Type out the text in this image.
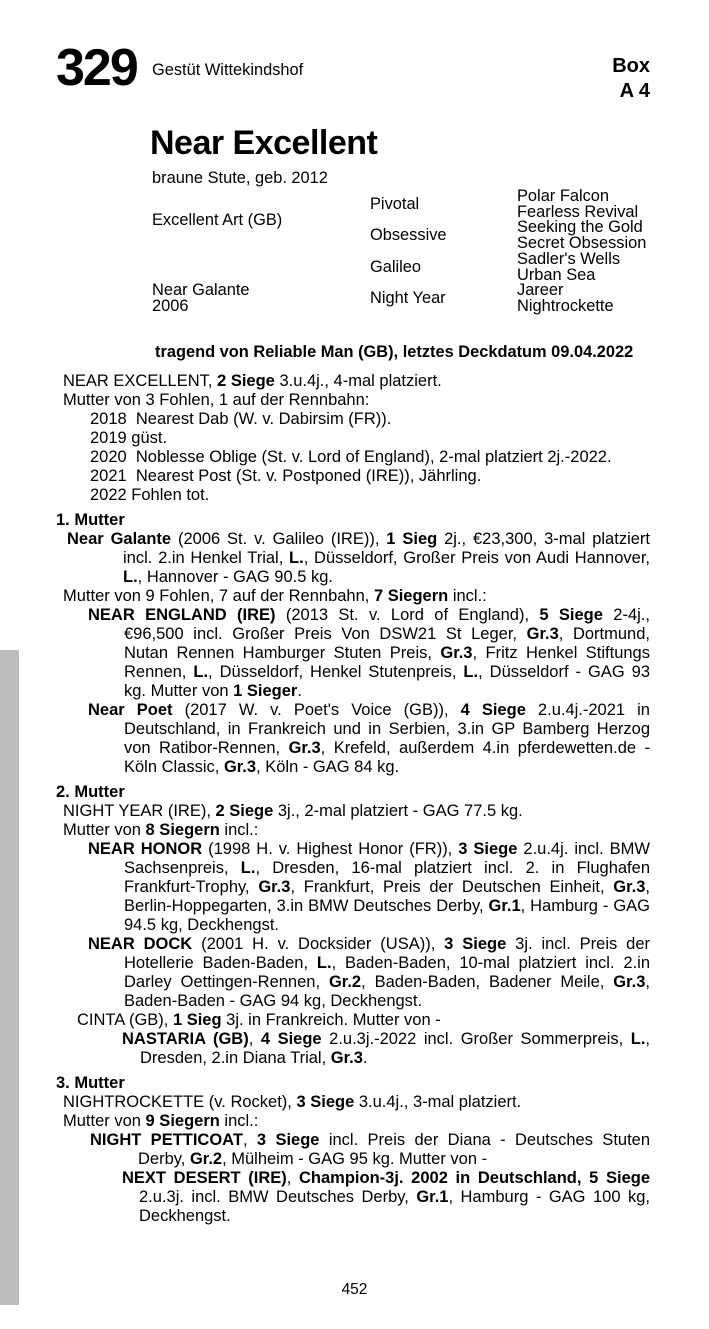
329 Gestüt Wittekindshof	Box
A 4
Near Excellent
braune Stute, geb. 2012
Excellent Art (GB)
Near Galante
2006
Pivotal
Obsessive
Galileo
Night Year
Polar Falcon
Fearless Revival
Seeking the Gold
Secret Obsession
Sadler's Wells
Urban Sea
Jareer
Nightrockette
tragend von Reliable Man (GB), letztes Deckdatum 09.04.2022

NEAR EXCELLENT, 2 Siege 3.u.4j., 4-mal platziert.

Mutter von 3 Fohlen, 1 auf der Rennbahn:

2018  Nearest Dab (W. v. Dabirsim (FR)).

2019 güst.

2020  Noblesse Oblige (St. v. Lord of England), 2-mal platziert 2j.-2022.

2021  Nearest Post (St. v. Postponed (IRE)), Jährling.

2022 Fohlen tot.

1. Mutter

Near Galante (2006 St. v. Galileo (IRE)), 1 Sieg 2j., €23,300, 3-mal platziert incl. 2.in Henkel Trial, L., Düsseldorf, Großer Preis von Audi Hannover, L., Hannover - GAG 90.5 kg.

Mutter von 9 Fohlen, 7 auf der Rennbahn, 7 Siegern incl.:

NEAR ENGLAND (IRE) (2013 St. v. Lord of England), 5 Siege 2-4j., €96,500 incl. Großer Preis Von DSW21 St Leger, Gr.3, Dortmund, Nutan Rennen Hamburger Stuten Preis, Gr.3, Fritz Henkel Stiftungs Rennen, L., Düsseldorf, Henkel Stutenpreis, L., Düsseldorf - GAG 93 kg. Mutter von 1 Sieger.

Near Poet (2017 W. v. Poet's Voice (GB)), 4 Siege 2.u.4j.-2021 in Deutschland, in Frankreich und in Serbien, 3.in GP Bamberg Herzog von Ratibor-Rennen, Gr.3, Krefeld, außerdem 4.in pferdewetten.de - Köln Classic, Gr.3, Köln - GAG 84 kg.

2. Mutter

NIGHT YEAR (IRE), 2 Siege 3j., 2-mal platziert - GAG 77.5 kg.

Mutter von 8 Siegern incl.:

NEAR HONOR (1998 H. v. Highest Honor (FR)), 3 Siege 2.u.4j. incl. BMW Sachsenpreis, L., Dresden, 16-mal platziert incl. 2. in Flughafen Frankfurt-Trophy, Gr.3, Frankfurt, Preis der Deutschen Einheit, Gr.3, Berlin-Hoppegarten, 3.in BMW Deutsches Derby, Gr.1, Hamburg - GAG 94.5 kg, Deckhengst.

NEAR DOCK (2001 H. v. Docksider (USA)), 3 Siege 3j. incl. Preis der Hotellerie Baden-Baden, L., Baden-Baden, 10-mal platziert incl. 2.in Darley Oettingen-Rennen, Gr.2, Baden-Baden, Badener Meile, Gr.3, Baden-Baden - GAG 94 kg, Deckhengst.

CINTA (GB), 1 Sieg 3j. in Frankreich. Mutter von -

NASTARIA (GB), 4 Siege 2.u.3j.-2022 incl. Großer Sommerpreis, L., Dresden, 2.in Diana Trial, Gr.3.

3. Mutter

NIGHTROCKETTE (v. Rocket), 3 Siege 3.u.4j., 3-mal platziert.

Mutter von 9 Siegern incl.:

NIGHT PETTICOAT, 3 Siege incl. Preis der Diana - Deutsches Stuten Derby, Gr.2, Mülheim - GAG 95 kg. Mutter von -

NEXT DESERT (IRE), Champion-3j. 2002 in Deutschland, 5 Siege 2.u.3j. incl. BMW Deutsches Derby, Gr.1, Hamburg - GAG 100 kg, Deckhengst.

452
